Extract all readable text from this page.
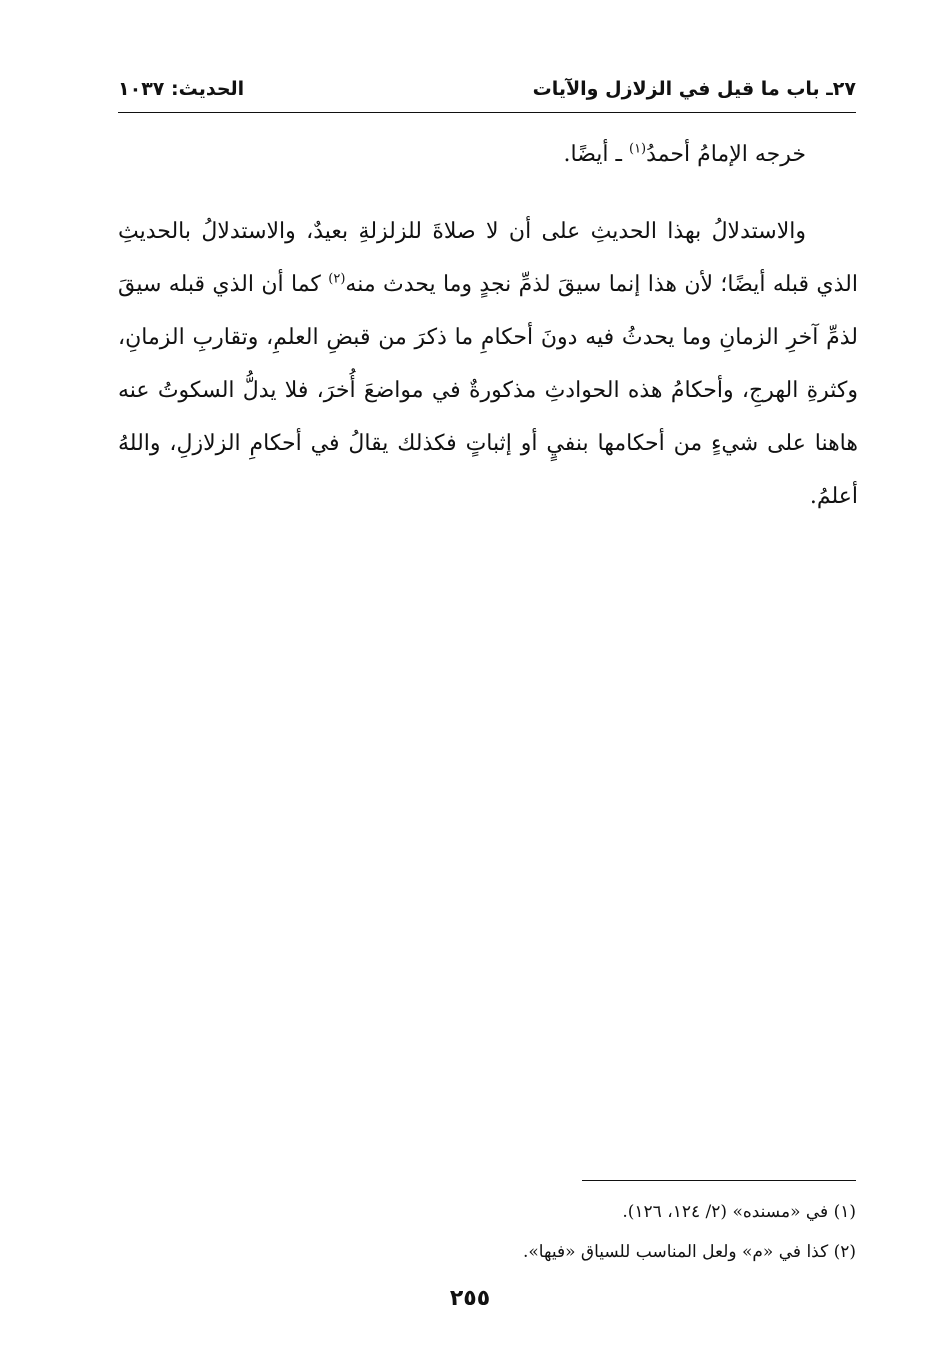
٢٧ـ باب ما قيل في الزلازل والآيات
الحديث: ١٠٣٧

خرجه الإمامُ أحمدُ$^{(١)}$ ـ أيضًا.

والاستدلالُ بهذا الحديثِ على أن لا صلاةَ للزلزلةِ بعيدٌ، والاستدلالُ بالحديثِ الذي قبله أيضًا؛ لأن هذا إنما سيقَ لذمِّ نجدٍ وما يحدث منه$^{(٢)}$ كما أن الذي قبله سيقَ لذمِّ آخرِ الزمانِ وما يحدثُ فيه دونَ أحكامِ ما ذكرَ من قبضِ العلمِ، وتقاربِ الزمانِ، وكثرةِ الهرجِ، وأحكامُ هذه الحوادثِ مذكورةٌ في مواضعَ أُخرَ، فلا يدلُّ السكوتُ عنه هاهنا على شيءٍ من أحكامها بنفيٍ أو إثباتٍ فكذلك يقالُ في أحكامِ الزلازلِ، واللهُ أعلمُ.

(١) في «مسنده» (٢/ ١٢٤، ١٢٦).
(٢) كذا في «م» ولعل المناسب للسياق «فيها».
٢٥٥
